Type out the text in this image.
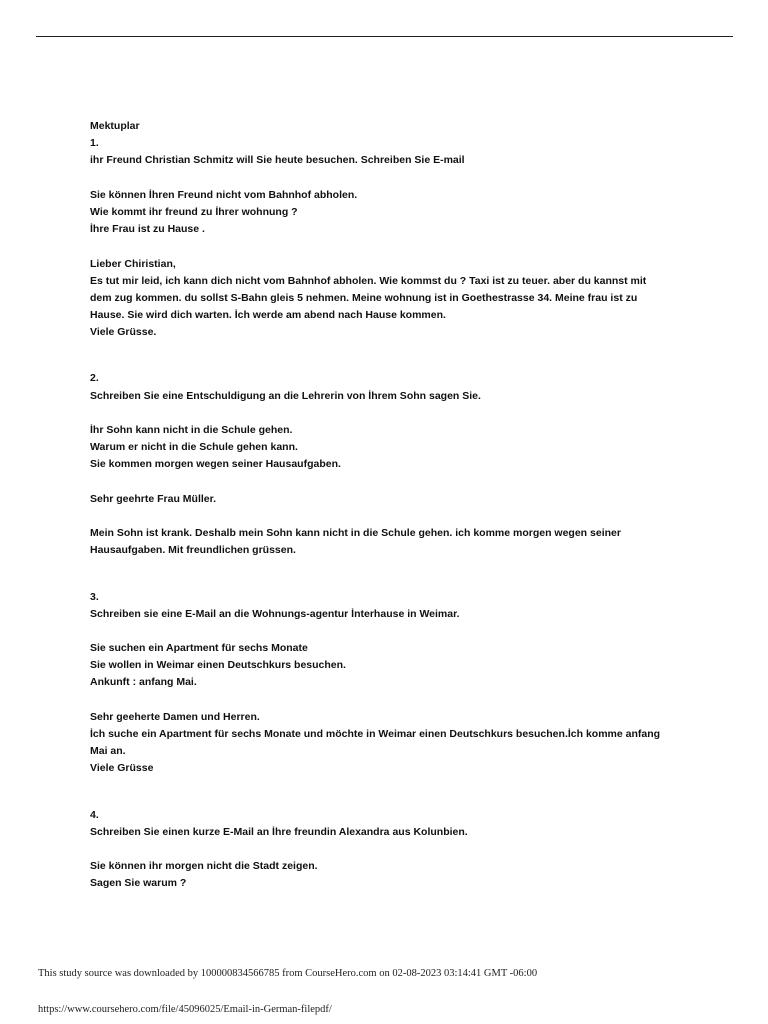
Mektuplar
1.
ihr Freund Christian Schmitz will Sie heute besuchen. Schreiben Sie E-mail
Sie können İhren Freund nicht vom Bahnhof abholen.
Wie kommt ihr freund zu İhrer wohnung ?
İhre Frau ist zu Hause .
Lieber Chiristian,
Es tut mir leid, ich kann dich nicht vom Bahnhof abholen. Wie kommst du ? Taxi ist zu teuer. aber du kannst mit
dem zug kommen. du sollst S-Bahn gleis 5 nehmen. Meine wohnung ist in Goethestrasse 34. Meine frau ist zu
Hause. Sie wird dich warten. İch werde am abend nach Hause kommen.
Viele Grüsse.
2.
Schreiben Sie eine Entschuldigung an die Lehrerin von İhrem Sohn sagen Sie.
İhr Sohn kann nicht in die Schule gehen.
Warum er nicht in die Schule gehen kann.
Sie kommen morgen wegen seiner Hausaufgaben.
Sehr geehrte Frau Müller.
Mein Sohn ist krank. Deshalb mein Sohn kann nicht in die Schule gehen. ich komme morgen wegen seiner
Hausaufgaben. Mit freundlichen grüssen.
3.
Schreiben sie eine E-Mail an die Wohnungs-agentur İnterhause in Weimar.
Sie suchen ein Apartment für sechs Monate
Sie wollen in Weimar einen Deutschkurs besuchen.
Ankunft : anfang Mai.
Sehr geeherte Damen und Herren.
İch suche ein Apartment für sechs Monate und möchte in Weimar einen Deutschkurs besuchen.İch komme anfang
Mai an.
Viele Grüsse
4.
Schreiben Sie einen kurze E-Mail an İhre freundin Alexandra aus Kolunbien.
Sie können ihr morgen nicht die Stadt zeigen.
Sagen Sie warum ?
This study source was downloaded by 100000834566785 from CourseHero.com on 02-08-2023 03:14:41 GMT -06:00
https://www.coursehero.com/file/45096025/Email-in-German-filepdf/
